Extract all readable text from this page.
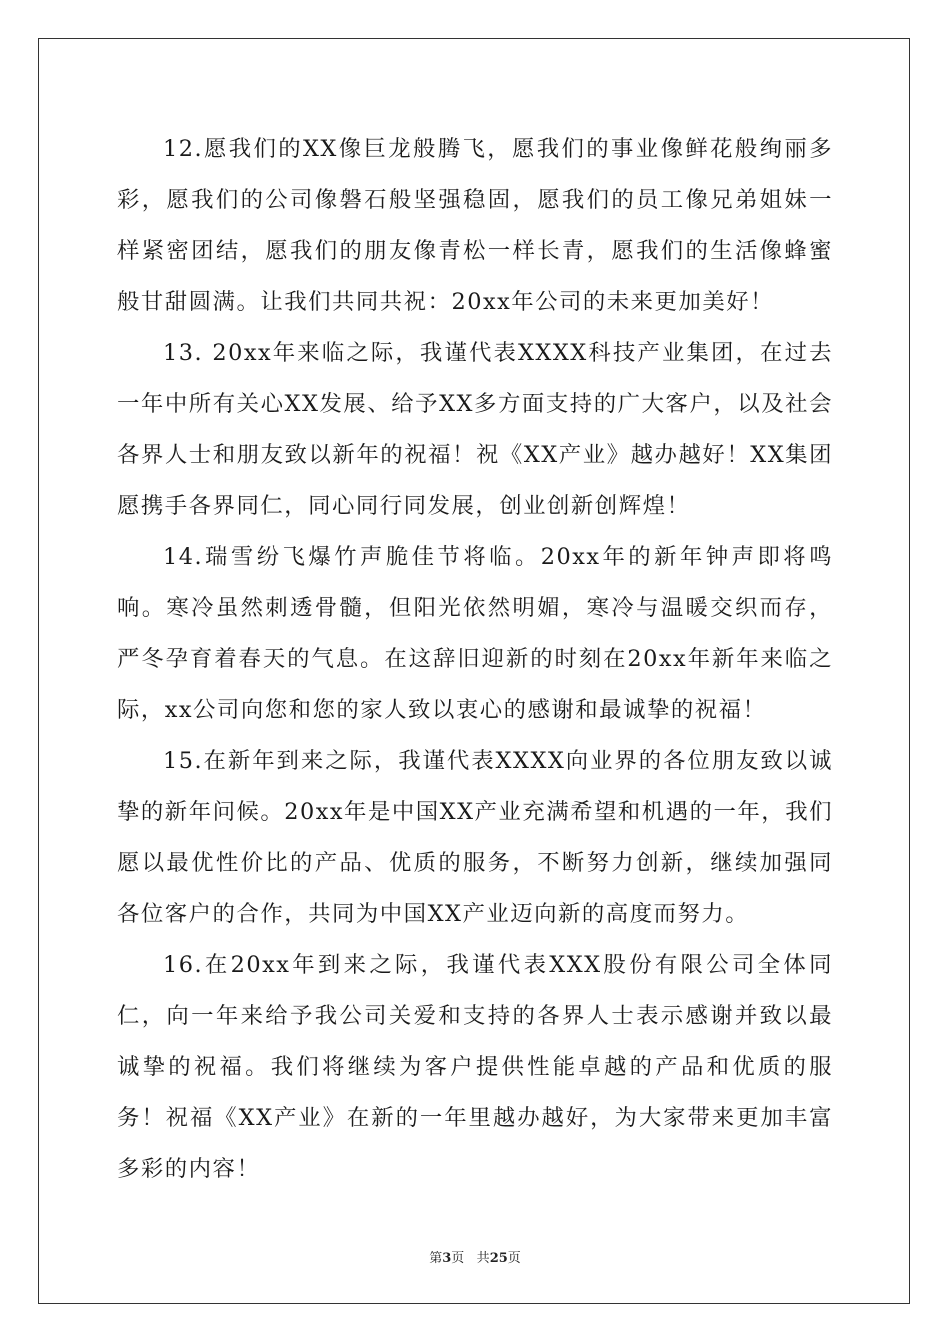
12.愿我们的XX像巨龙般腾飞，愿我们的事业像鲜花般绚丽多彩，愿我们的公司像磐石般坚强稳固，愿我们的员工像兄弟姐妹一样紧密团结，愿我们的朋友像青松一样长青，愿我们的生活像蜂蜜般甘甜圆满。让我们共同共祝：20xx年公司的未来更加美好！

13. 20xx年来临之际，我谨代表XXXX科技产业集团，在过去一年中所有关心XX发展、给予XX多方面支持的广大客户，以及社会各界人士和朋友致以新年的祝福！祝《XX产业》越办越好！XX集团愿携手各界同仁，同心同行同发展，创业创新创辉煌！

14.瑞雪纷飞爆竹声脆佳节将临。20xx年的新年钟声即将鸣响。寒冷虽然刺透骨髓，但阳光依然明媚，寒冷与温暖交织而存，严冬孕育着春天的气息。在这辞旧迎新的时刻在20xx年新年来临之际，xx公司向您和您的家人致以衷心的感谢和最诚挚的祝福！

15.在新年到来之际，我谨代表XXXX向业界的各位朋友致以诚挚的新年问候。20xx年是中国XX产业充满希望和机遇的一年，我们愿以最优性价比的产品、优质的服务，不断努力创新，继续加强同各位客户的合作，共同为中国XX产业迈向新的高度而努力。

16.在20xx年到来之际，我谨代表XXX股份有限公司全体同仁，向一年来给予我公司关爱和支持的各界人士表示感谢并致以最诚挚的祝福。我们将继续为客户提供性能卓越的产品和优质的服务！祝福《XX产业》在新的一年里越办越好，为大家带来更加丰富多彩的内容！

第3页 共25页
